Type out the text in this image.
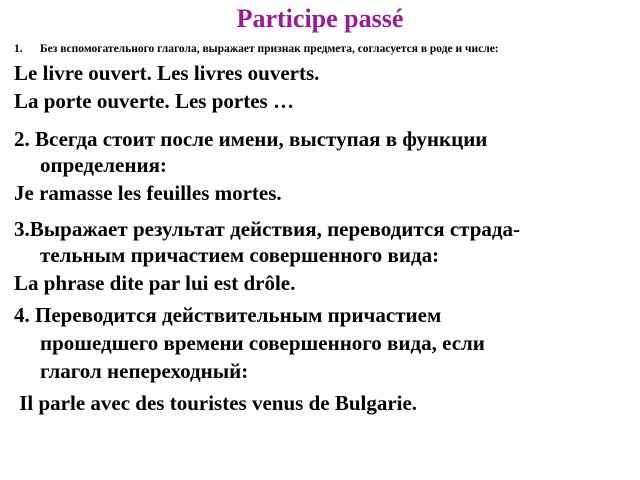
Participe passé
1. Без вспомогательного глагола, выражает признак предмета, согласуется в роде и числе:
Le livre ouvert. Les livres ouverts.
La porte ouverte. Les portes …
2. Всегда стоит после имени, выступая в функции
определения:
Je ramasse les feuilles mortes.
3.Выражает результат действия, переводится страда-
тельным причастием совершенного вида:
La phrase dite par lui est drôle.
4. Переводится действительным причастием
прошедшего времени совершенного вида, если
глагол непереходный:
Il parle avec des touristes venus de Bulgarie.
